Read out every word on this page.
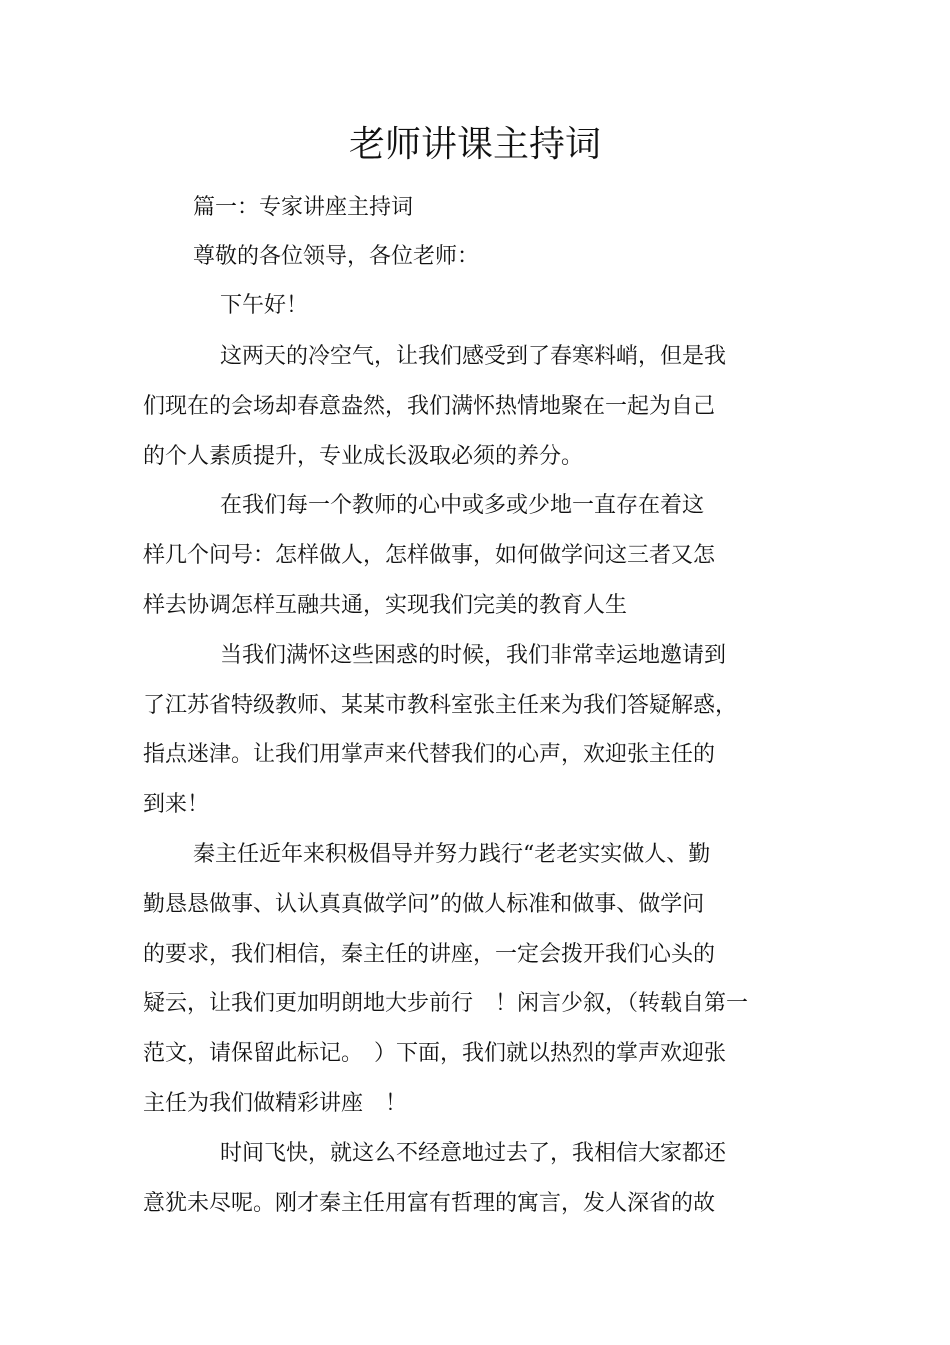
老师讲课主持词
篇一：专家讲座主持词
尊敬的各位领导，各位老师：
下午好！
这两天的冷空气，让我们感受到了春寒料峭，但是我
们现在的会场却春意盎然，我们满怀热情地聚在一起为自己
的个人素质提升，专业成长汲取必须的养分。
在我们每一个教师的心中或多或少地一直存在着这
样几个问号：怎样做人，怎样做事，如何做学问这三者又怎
样去协调怎样互融共通，实现我们完美的教育人生
当我们满怀这些困惑的时候，我们非常幸运地邀请到
了江苏省特级教师、某某市教科室张主任来为我们答疑解惑，
指点迷津。让我们用掌声来代替我们的心声，欢迎张主任的
到来！
秦主任近年来积极倡导并努力践行“老老实实做人、勤
勤恳恳做事、认认真真做学问”的做人标准和做事、做学问
的要求，我们相信，秦主任的讲座，一定会拨开我们心头的
疑云，让我们更加明朗地大步前行　！闲言少叙，（转载自第一
范文，请保留此标记。　）下面，我们就以热烈的掌声欢迎张
主任为我们做精彩讲座　！
时间飞快，就这么不经意地过去了，我相信大家都还
意犹未尽呢。刚才秦主任用富有哲理的寓言，发人深省的故
